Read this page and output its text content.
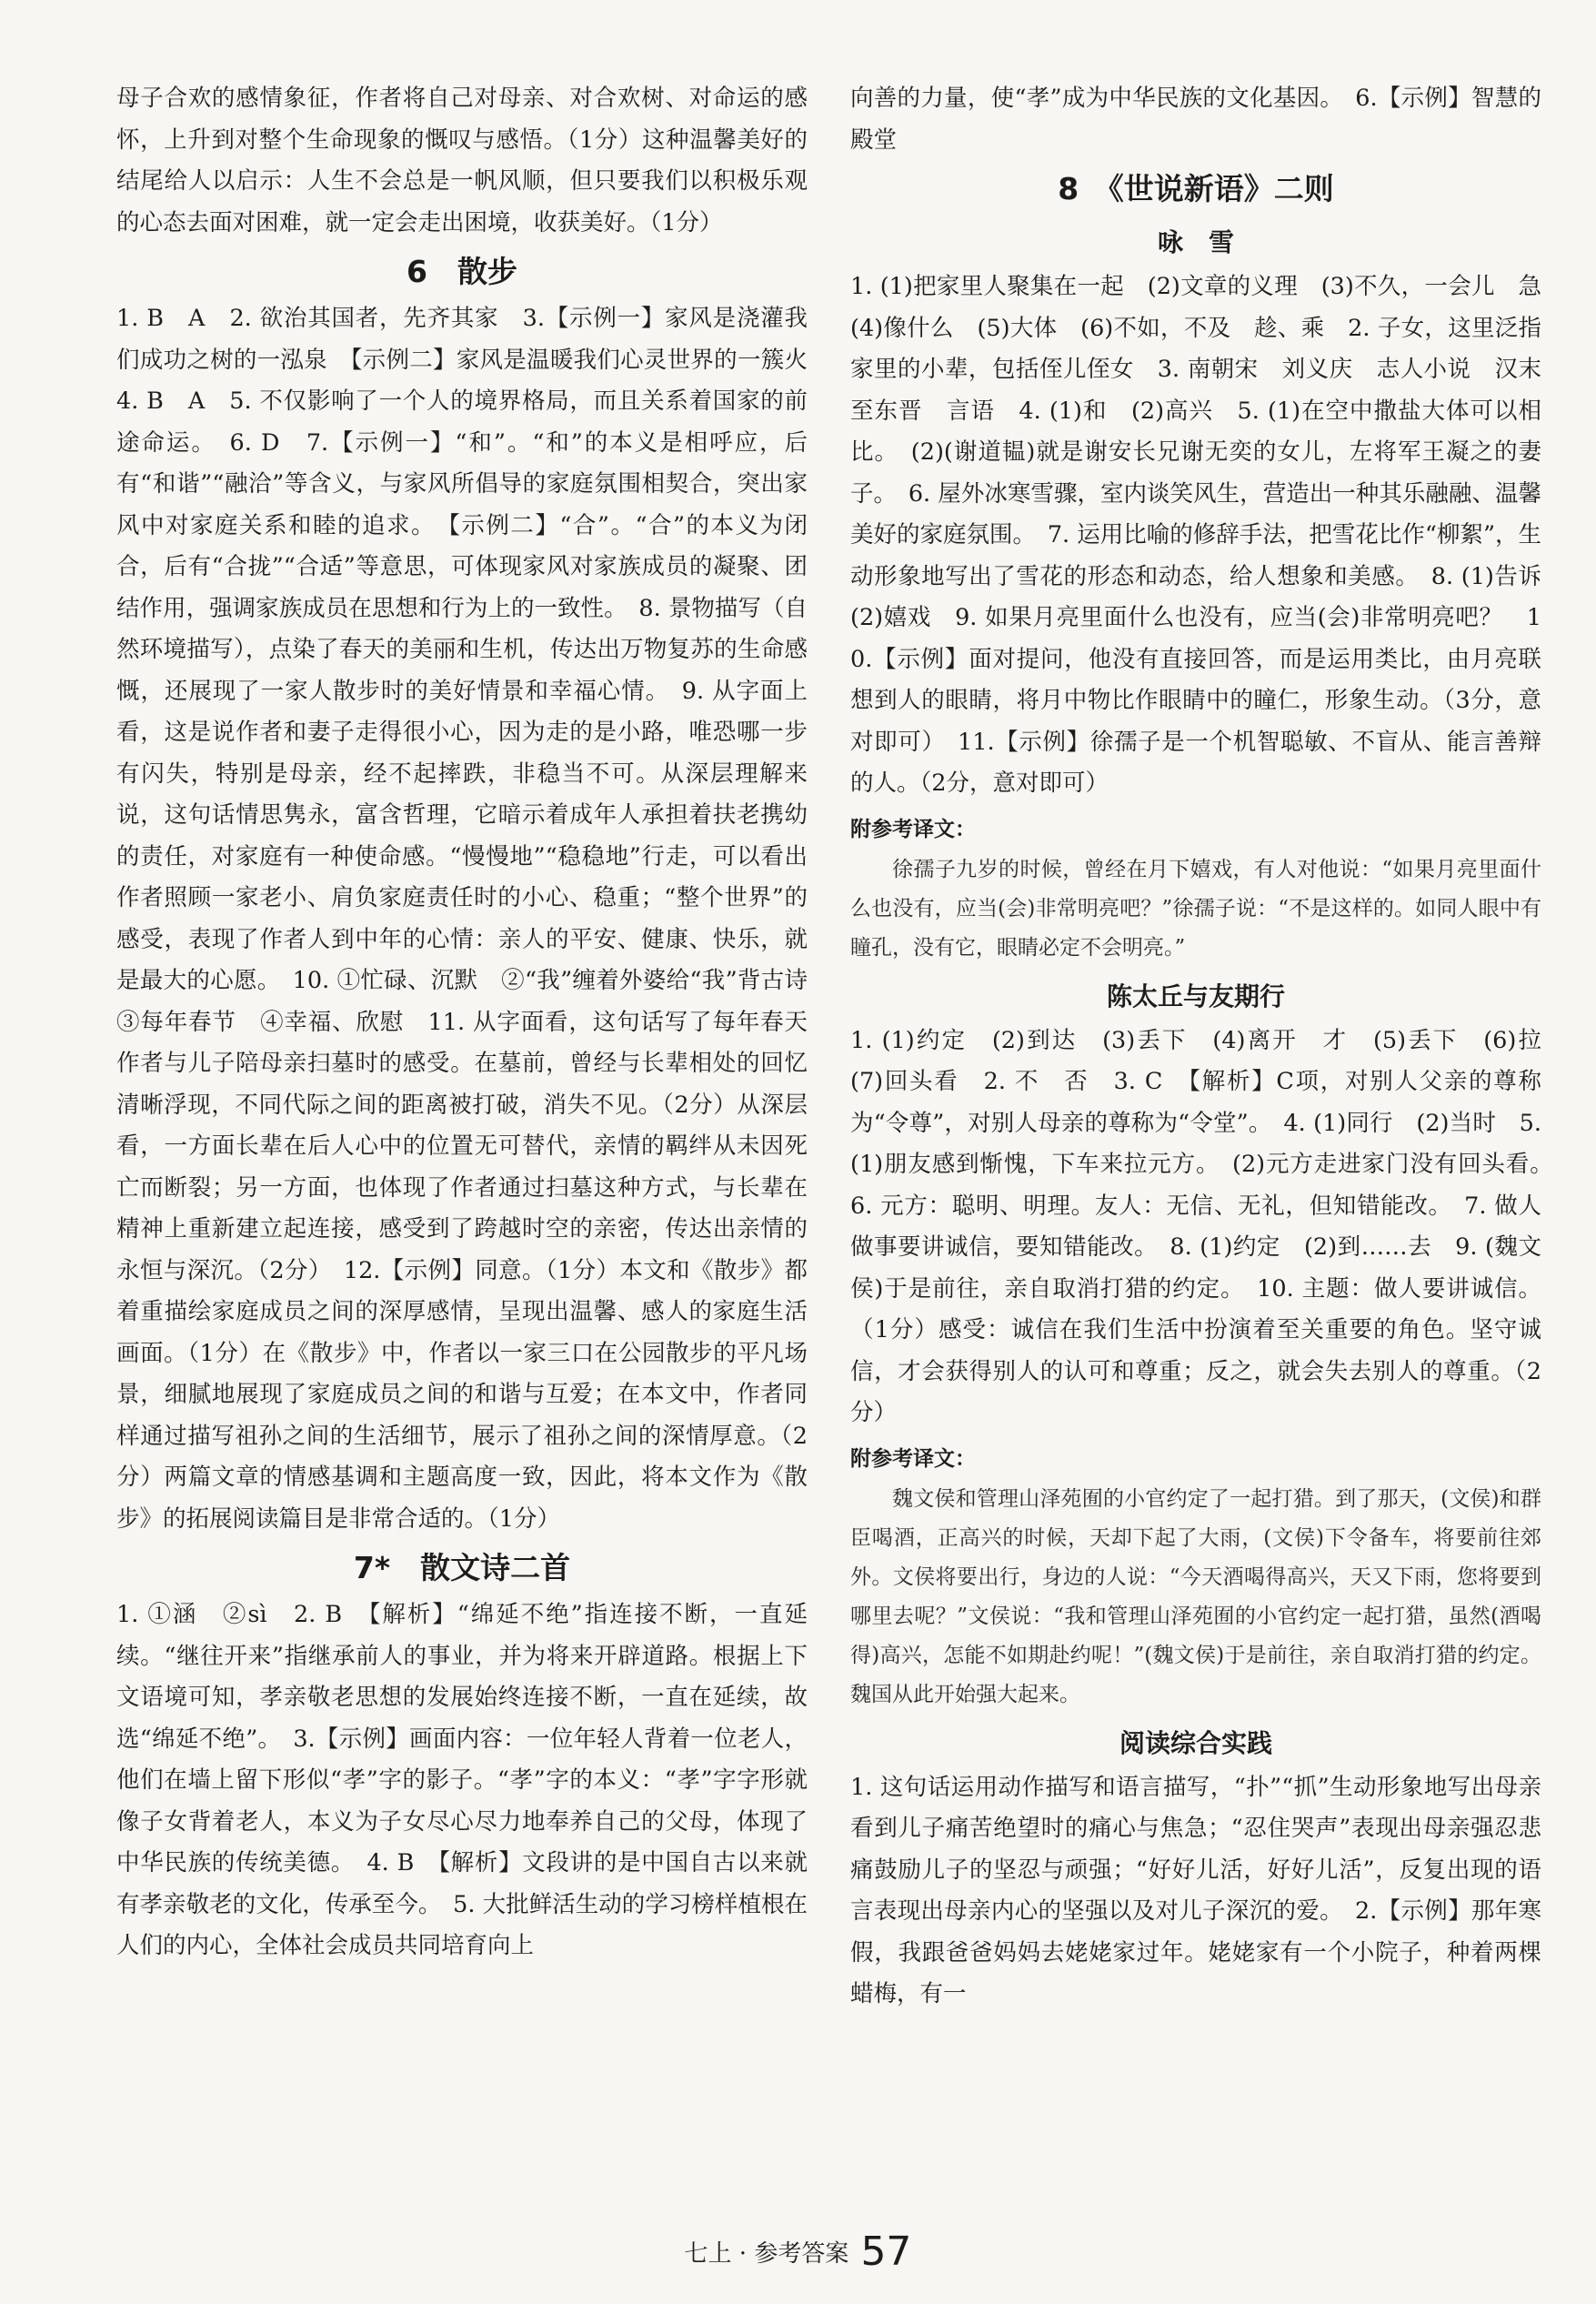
母子合欢的感情象征，作者将自己对母亲、对合欢树、对命运的感怀，上升到对整个生命现象的慨叹与感悟。（1分）这种温馨美好的结尾给人以启示：人生不会总是一帆风顺，但只要我们以积极乐观的心态去面对困难，就一定会走出困境，收获美好。（1分）

6　散步

1. B　A　2. 欲治其国者，先齐其家　3.【示例一】家风是浇灌我们成功之树的一泓泉　【示例二】家风是温暖我们心灵世界的一簇火　4. B　A　5. 不仅影响了一个人的境界格局，而且关系着国家的前途命运。　6. D　7.【示例一】“和”。“和”的本义是相呼应，后有“和谐”“融洽”等含义，与家风所倡导的家庭氛围相契合，突出家风中对家庭关系和睦的追求。　【示例二】“合”。“合”的本义为闭合，后有“合拢”“合适”等意思，可体现家风对家族成员的凝聚、团结作用，强调家族成员在思想和行为上的一致性。　8. 景物描写（自然环境描写），点染了春天的美丽和生机，传达出万物复苏的生命感慨，还展现了一家人散步时的美好情景和幸福心情。　9. 从字面上看，这是说作者和妻子走得很小心，因为走的是小路，唯恐哪一步有闪失，特别是母亲，经不起摔跌，非稳当不可。从深层理解来说，这句话情思隽永，富含哲理，它暗示着成年人承担着扶老携幼的责任，对家庭有一种使命感。“慢慢地”“稳稳地”行走，可以看出作者照顾一家老小、肩负家庭责任时的小心、稳重；“整个世界”的感受，表现了作者人到中年的心情：亲人的平安、健康、快乐，就是最大的心愿。　10. ①忙碌、沉默　②“我”缠着外婆给“我”背古诗　③每年春节　④幸福、欣慰　11. 从字面看，这句话写了每年春天作者与儿子陪母亲扫墓时的感受。在墓前，曾经与长辈相处的回忆清晰浮现，不同代际之间的距离被打破，消失不见。（2分）从深层看，一方面长辈在后人心中的位置无可替代，亲情的羁绊从未因死亡而断裂；另一方面，也体现了作者通过扫墓这种方式，与长辈在精神上重新建立起连接，感受到了跨越时空的亲密，传达出亲情的永恒与深沉。（2分）　12.【示例】同意。（1分）本文和《散步》都着重描绘家庭成员之间的深厚感情，呈现出温馨、感人的家庭生活画面。（1分）在《散步》中，作者以一家三口在公园散步的平凡场景，细腻地展现了家庭成员之间的和谐与互爱；在本文中，作者同样通过描写祖孙之间的生活细节，展示了祖孙之间的深情厚意。（2分）两篇文章的情感基调和主题高度一致，因此，将本文作为《散步》的拓展阅读篇目是非常合适的。（1分）

7*　散文诗二首

1. ①涵　②sì　2. B　【解析】“绵延不绝”指连接不断，一直延续。“继往开来”指继承前人的事业，并为将来开辟道路。根据上下文语境可知，孝亲敬老思想的发展始终连接不断，一直在延续，故选“绵延不绝”。　3.【示例】画面内容：一位年轻人背着一位老人，他们在墙上留下形似“孝”字的影子。“孝”字的本义：“孝”字字形就像子女背着老人，本义为子女尽心尽力地奉养自己的父母，体现了中华民族的传统美德。　4. B　【解析】文段讲的是中国自古以来就有孝亲敬老的文化，传承至今。　5. 大批鲜活生动的学习榜样植根在人们的内心，全体社会成员共同培育向上

向善的力量，使“孝”成为中华民族的文化基因。　6.【示例】智慧的殿堂

8　《世说新语》二则
咏　雪

1. (1)把家里人聚集在一起　(2)文章的义理　(3)不久，一会儿　急　(4)像什么　(5)大体　(6)不如，不及　趁、乘　2. 子女，这里泛指家里的小辈，包括侄儿侄女　3. 南朝宋　刘义庆　志人小说　汉末至东晋　言语　4. (1)和　(2)高兴　5. (1)在空中撒盐大体可以相比。　(2)(谢道韫)就是谢安长兄谢无奕的女儿，左将军王凝之的妻子。　6. 屋外冰寒雪骤，室内谈笑风生，营造出一种其乐融融、温馨美好的家庭氛围。　7. 运用比喻的修辞手法，把雪花比作“柳絮”，生动形象地写出了雪花的形态和动态，给人想象和美感。　8. (1)告诉　(2)嬉戏　9. 如果月亮里面什么也没有，应当(会)非常明亮吧？　10.【示例】面对提问，他没有直接回答，而是运用类比，由月亮联想到人的眼睛，将月中物比作眼睛中的瞳仁，形象生动。（3分，意对即可）　11.【示例】徐孺子是一个机智聪敏、不盲从、能言善辩的人。（2分，意对即可）

附参考译文：

徐孺子九岁的时候，曾经在月下嬉戏，有人对他说：“如果月亮里面什么也没有，应当(会)非常明亮吧？”徐孺子说：“不是这样的。如同人眼中有瞳孔，没有它，眼睛必定不会明亮。”

陈太丘与友期行

1. (1)约定　(2)到达　(3)丢下　(4)离开　才　(5)丢下　(6)拉　(7)回头看　2. 不　否　3. C　【解析】C项，对别人父亲的尊称为“令尊”，对别人母亲的尊称为“令堂”。　4. (1)同行　(2)当时　5. (1)朋友感到惭愧，下车来拉元方。　(2)元方走进家门没有回头看。　6. 元方：聪明、明理。友人：无信、无礼，但知错能改。　7. 做人做事要讲诚信，要知错能改。　8. (1)约定　(2)到……去　9. (魏文侯)于是前往，亲自取消打猎的约定。　10. 主题：做人要讲诚信。（1分）感受：诚信在我们生活中扮演着至关重要的角色。坚守诚信，才会获得别人的认可和尊重；反之，就会失去别人的尊重。（2分）

附参考译文：

魏文侯和管理山泽苑囿的小官约定了一起打猎。到了那天，(文侯)和群臣喝酒，正高兴的时候，天却下起了大雨，(文侯)下令备车，将要前往郊外。文侯将要出行，身边的人说：“今天酒喝得高兴，天又下雨，您将要到哪里去呢？”文侯说：“我和管理山泽苑囿的小官约定一起打猎，虽然(酒喝得)高兴，怎能不如期赴约呢！”(魏文侯)于是前往，亲自取消打猎的约定。魏国从此开始强大起来。

阅读综合实践

1. 这句话运用动作描写和语言描写，“扑”“抓”生动形象地写出母亲看到儿子痛苦绝望时的痛心与焦急；“忍住哭声”表现出母亲强忍悲痛鼓励儿子的坚忍与顽强；“好好儿活，好好儿活”，反复出现的语言表现出母亲内心的坚强以及对儿子深沉的爱。　2.【示例】那年寒假，我跟爸爸妈妈去姥姥家过年。姥姥家有一个小院子，种着两棵蜡梅，有一

七上 · 参考答案 57
